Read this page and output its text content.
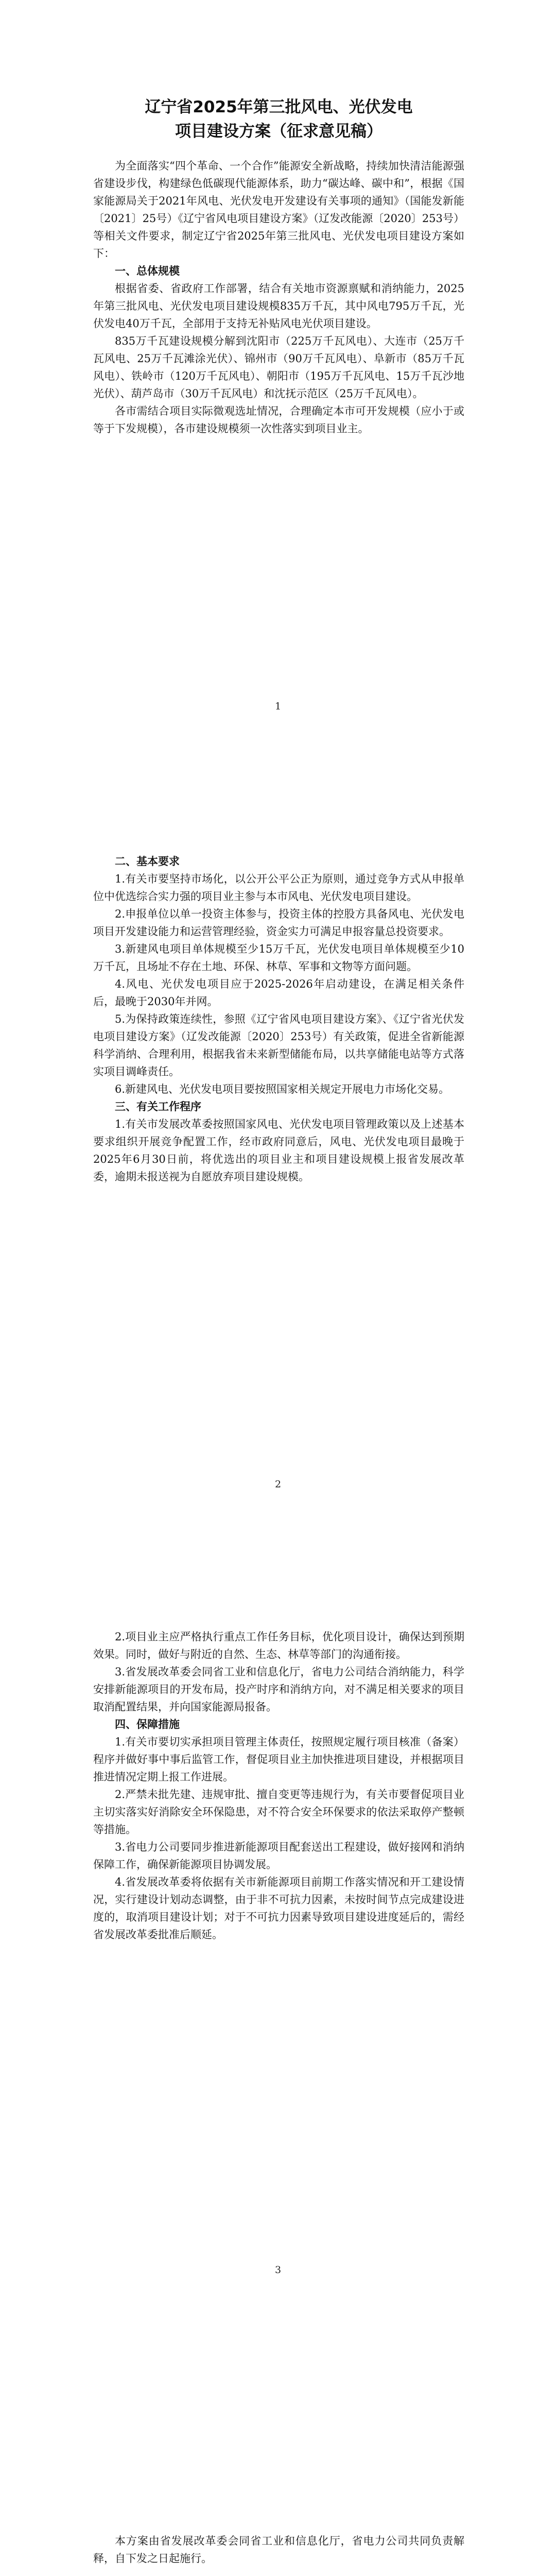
辽宁省2025年第三批风电、光伏发电
项目建设方案（征求意见稿）

为全面落实“四个革命、一个合作”能源安全新战略，持续加快清洁能源强省建设步伐，构建绿色低碳现代能源体系，助力“碳达峰、碳中和”，根据《国家能源局关于2021年风电、光伏发电开发建设有关事项的通知》（国能发新能〔2021〕25号）《辽宁省风电项目建设方案》（辽发改能源〔2020〕253号）等相关文件要求，制定辽宁省2025年第三批风电、光伏发电项目建设方案如下：

一、总体规模

根据省委、省政府工作部署，结合有关地市资源禀赋和消纳能力，2025年第三批风电、光伏发电项目建设规模835万千瓦，其中风电795万千瓦，光伏发电40万千瓦，全部用于支持无补贴风电光伏项目建设。

835万千瓦建设规模分解到沈阳市（225万千瓦风电）、大连市（25万千瓦风电、25万千瓦滩涂光伏）、锦州市（90万千瓦风电）、阜新市（85万千瓦风电）、铁岭市（120万千瓦风电）、朝阳市（195万千瓦风电、15万千瓦沙地光伏）、葫芦岛市（30万千瓦风电）和沈抚示范区（25万千瓦风电）。

各市需结合项目实际微观选址情况，合理确定本市可开发规模（应小于或等于下发规模），各市建设规模须一次性落实到项目业主。

1

二、基本要求

1.有关市要坚持市场化，以公开公平公正为原则，通过竞争方式从申报单位中优选综合实力强的项目业主参与本市风电、光伏发电项目建设。

2.申报单位以单一投资主体参与，投资主体的控股方具备风电、光伏发电项目开发建设能力和运营管理经验，资金实力可满足申报容量总投资要求。

3.新建风电项目单体规模至少15万千瓦，光伏发电项目单体规模至少10万千瓦，且场址不存在土地、环保、林草、军事和文物等方面问题。

4.风电、光伏发电项目应于2025-2026年启动建设，在满足相关条件后，最晚于2030年并网。

5.为保持政策连续性，参照《辽宁省风电项目建设方案》、《辽宁省光伏发电项目建设方案》（辽发改能源〔2020〕253号）有关政策，促进全省新能源科学消纳、合理利用，根据我省未来新型储能布局，以共享储能电站等方式落实项目调峰责任。

6.新建风电、光伏发电项目要按照国家相关规定开展电力市场化交易。

三、有关工作程序

1.有关市发展改革委按照国家风电、光伏发电项目管理政策以及上述基本要求组织开展竞争配置工作，经市政府同意后，风电、光伏发电项目最晚于2025年6月30日前，将优选出的项目业主和项目建设规模上报省发展改革委，逾期未报送视为自愿放弃项目建设规模。

2

2.项目业主应严格执行重点工作任务目标，优化项目设计，确保达到预期效果。同时，做好与附近的自然、生态、林草等部门的沟通衔接。

3.省发展改革委会同省工业和信息化厅，省电力公司结合消纳能力，科学安排新能源项目的开发布局，投产时序和消纳方向，对不满足相关要求的项目取消配置结果，并向国家能源局报备。

四、保障措施

1.有关市要切实承担项目管理主体责任，按照规定履行项目核准（备案）程序并做好事中事后监管工作，督促项目业主加快推进项目建设，并根据项目推进情况定期上报工作进展。

2.严禁未批先建、违规审批、擅自变更等违规行为，有关市要督促项目业主切实落实好消除安全环保隐患，对不符合安全环保要求的依法采取停产整顿等措施。

3.省电力公司要同步推进新能源项目配套送出工程建设，做好接网和消纳保障工作，确保新能源项目协调发展。

4.省发展改革委将依据有关市新能源项目前期工作落实情况和开工建设情况，实行建设计划动态调整，由于非不可抗力因素，未按时间节点完成建设进度的，取消项目建设计划；对于不可抗力因素导致项目建设进度延后的，需经省发展改革委批准后顺延。

3

本方案由省发展改革委会同省工业和信息化厅，省电力公司共同负责解释，自下发之日起施行。
